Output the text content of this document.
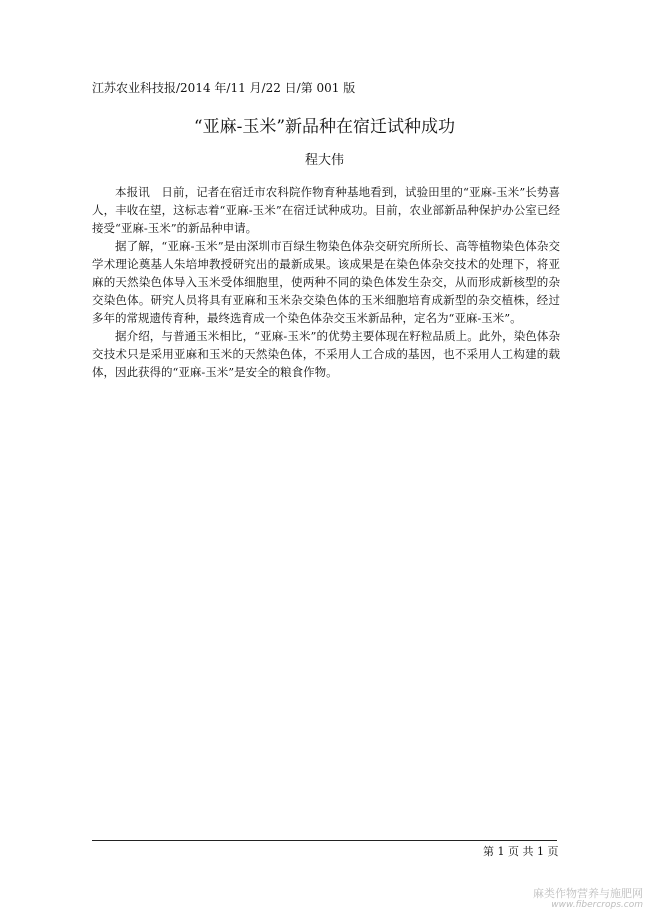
江苏农业科技报/2014 年/11 月/22 日/第 001 版
“亚麻-玉米”新品种在宿迁试种成功
程大伟

本报讯　日前，记者在宿迁市农科院作物育种基地看到，试验田里的“亚麻-玉米”长势喜人，丰收在望，这标志着“亚麻-玉米”在宿迁试种成功。目前，农业部新品种保护办公室已经接受“亚麻-玉米”的新品种申请。

据了解，“亚麻-玉米”是由深圳市百绿生物染色体杂交研究所所长、高等植物染色体杂交学术理论奠基人朱培坤教授研究出的最新成果。该成果是在染色体杂交技术的处理下，将亚麻的天然染色体导入玉米受体细胞里，使两种不同的染色体发生杂交，从而形成新核型的杂交染色体。研究人员将具有亚麻和玉米杂交染色体的玉米细胞培育成新型的杂交植株，经过多年的常规遗传育种，最终选育成一个染色体杂交玉米新品种，定名为“亚麻-玉米”。

据介绍，与普通玉米相比，“亚麻-玉米”的优势主要体现在籽粒品质上。此外，染色体杂交技术只是采用亚麻和玉米的天然染色体，不采用人工合成的基因，也不采用人工构建的载体，因此获得的“亚麻-玉米”是安全的粮食作物。

第 1 页 共 1 页
麻类作物营养与施肥网
www.fibercrops.com
